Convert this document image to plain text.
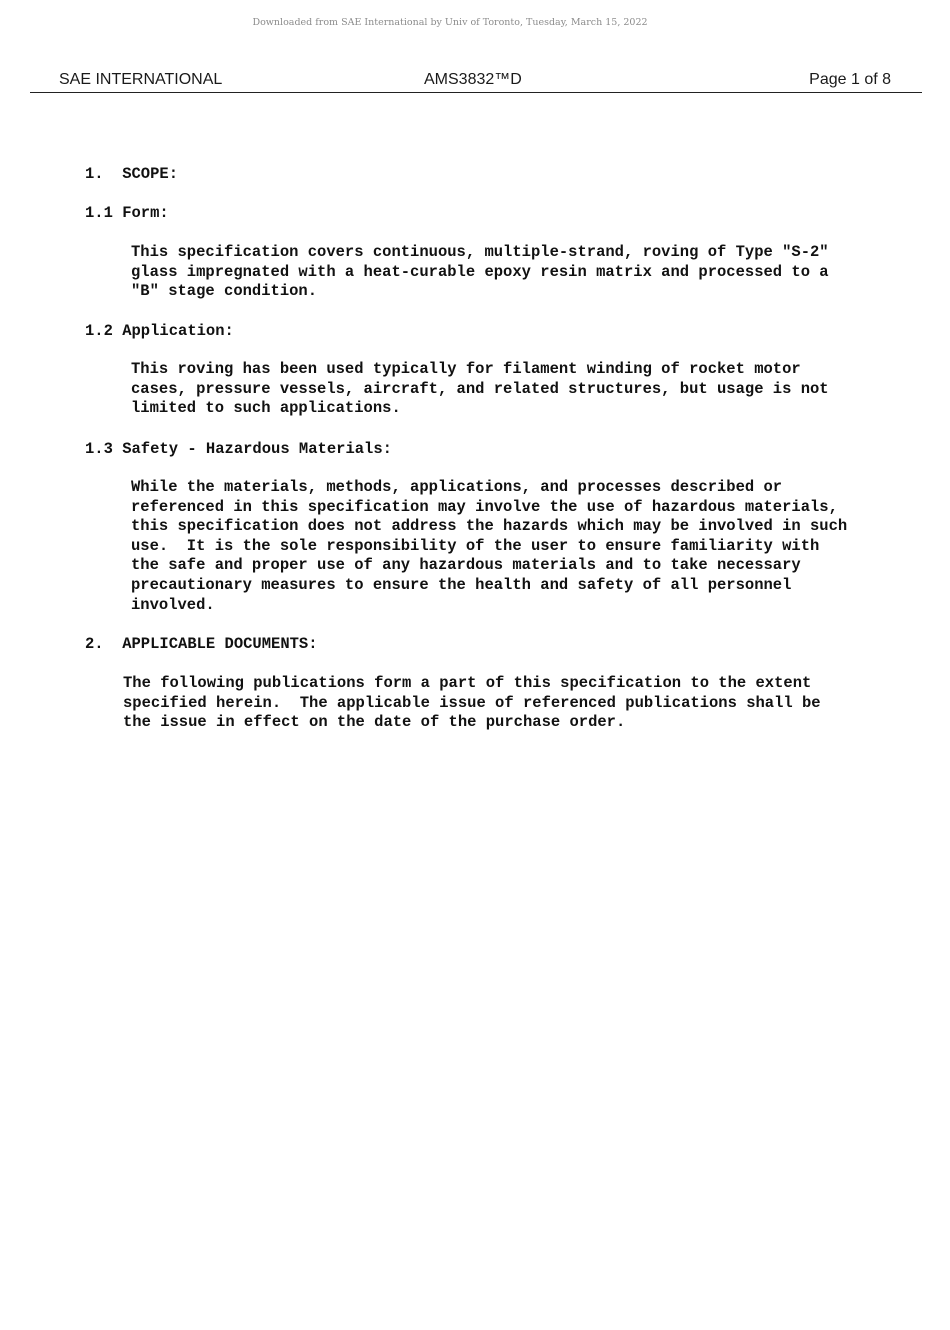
Downloaded from SAE International by Univ of Toronto, Tuesday, March 15, 2022
SAE INTERNATIONAL	AMS3832™D	Page 1 of 8
1.  SCOPE:
1.1 Form:
This specification covers continuous, multiple-strand, roving of Type "S-2"
glass impregnated with a heat-curable epoxy resin matrix and processed to a
"B" stage condition.
1.2 Application:
This roving has been used typically for filament winding of rocket motor
cases, pressure vessels, aircraft, and related structures, but usage is not
limited to such applications.
1.3 Safety - Hazardous Materials:
While the materials, methods, applications, and processes described or
referenced in this specification may involve the use of hazardous materials,
this specification does not address the hazards which may be involved in such
use.  It is the sole responsibility of the user to ensure familiarity with
the safe and proper use of any hazardous materials and to take necessary
precautionary measures to ensure the health and safety of all personnel
involved.
2.  APPLICABLE DOCUMENTS:
The following publications form a part of this specification to the extent
specified herein.  The applicable issue of referenced publications shall be
the issue in effect on the date of the purchase order.
